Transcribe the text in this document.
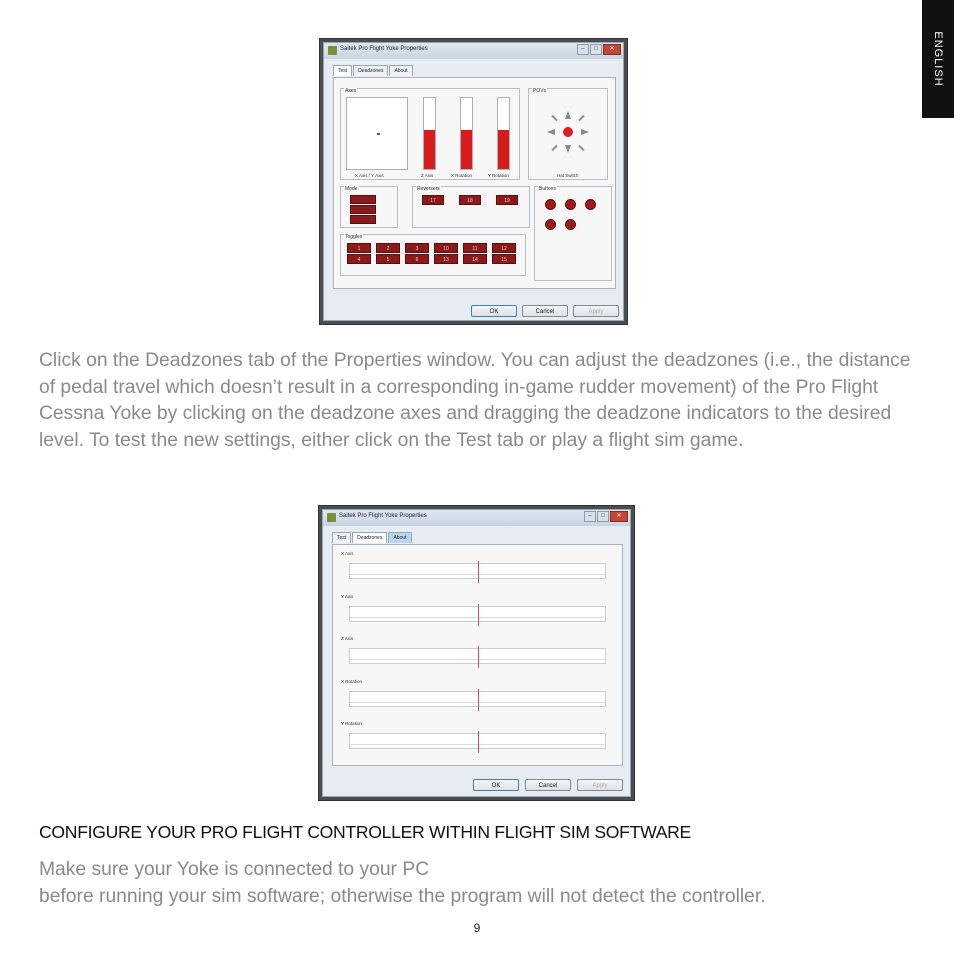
ENGLISH
Saitek Pro Flight Yoke Properties	–	□	✕
Test	Deadzones	About
Axes
X Axis / Y Axis	Z Axis	X Rotation	Y Rotation
POVs
Hat Switch
Mode	Reversers
17	18	19
Buttons
Toggles
1	2	3	10	11	12
4	5	6	13	14	15
OK	Cancel	Apply
Click on the Deadzones tab of the Properties window. You can adjust the deadzones (i.e., the distance of pedal travel which doesn’t result in a corresponding in-game rudder movement) of the Pro Flight Cessna Yoke by clicking on the deadzone axes and dragging the deadzone indicators to the desired level. To test the new settings, either click on the Test tab or play a flight sim game.
Saitek Pro Flight Yoke Properties	–	□	✕
Test	Deadzones	About
X Axis
Y Axis
Z Axis
X Rotation
Y Rotation
OK	Cancel	Apply
CONFIGURE YOUR PRO FLIGHT CONTROLLER WITHIN FLIGHT SIM SOFTWARE
Make sure your Yoke is connected to your PC
before running your sim software; otherwise the program will not detect the controller.
9
